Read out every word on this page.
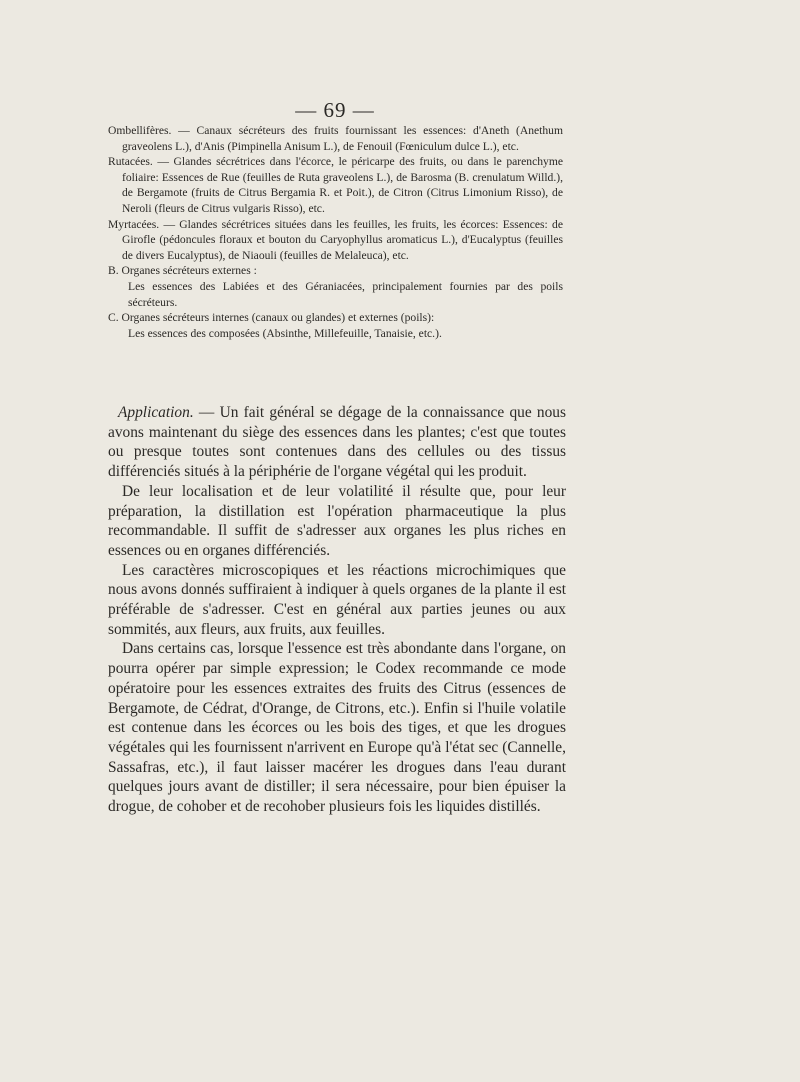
— 69 —

Ombellifères. — Canaux sécréteurs des fruits fournissant les essences: d'Aneth (Anethum graveolens L.), d'Anis (Pimpinella Anisum L.), de Fenouil (Fœniculum dulce L.), etc.

Rutacées. — Glandes sécrétrices dans l'écorce, le péricarpe des fruits, ou dans le parenchyme foliaire: Essences de Rue (feuilles de Ruta graveolens L.), de Barosma (B. crenulatum Willd.), de Bergamote (fruits de Citrus Bergamia R. et Poit.), de Citron (Citrus Limonium Risso), de Neroli (fleurs de Citrus vulgaris Risso), etc.

Myrtacées. — Glandes sécrétrices situées dans les feuilles, les fruits, les écorces: Essences: de Girofle (pédoncules floraux et bouton du Caryophyllus aromaticus L.), d'Eucalyptus (feuilles de divers Eucalyptus), de Niaouli (feuilles de Melaleuca), etc.

B. Organes sécréteurs externes :

Les essences des Labiées et des Géraniacées, principalement fournies par des poils sécréteurs.

C. Organes sécréteurs internes (canaux ou glandes) et externes (poils):

Les essences des composées (Absinthe, Millefeuille, Tanaisie, etc.).

Application. — Un fait général se dégage de la connaissance que nous avons maintenant du siège des essences dans les plantes; c'est que toutes ou presque toutes sont contenues dans des cellules ou des tissus différenciés situés à la périphérie de l'organe végétal qui les produit.

De leur localisation et de leur volatilité il résulte que, pour leur préparation, la distillation est l'opération pharmaceutique la plus recommandable. Il suffit de s'adresser aux organes les plus riches en essences ou en organes différenciés.

Les caractères microscopiques et les réactions microchimiques que nous avons donnés suffiraient à indiquer à quels organes de la plante il est préférable de s'adresser. C'est en général aux parties jeunes ou aux sommités, aux fleurs, aux fruits, aux feuilles.

Dans certains cas, lorsque l'essence est très abondante dans l'organe, on pourra opérer par simple expression; le Codex recommande ce mode opératoire pour les essences extraites des fruits des Citrus (essences de Bergamote, de Cédrat, d'Orange, de Citrons, etc.). Enfin si l'huile volatile est contenue dans les écorces ou les bois des tiges, et que les drogues végétales qui les fournissent n'arrivent en Europe qu'à l'état sec (Cannelle, Sassafras, etc.), il faut laisser macérer les drogues dans l'eau durant quelques jours avant de distiller; il sera nécessaire, pour bien épuiser la drogue, de cohober et de recohober plusieurs fois les liquides distillés.
